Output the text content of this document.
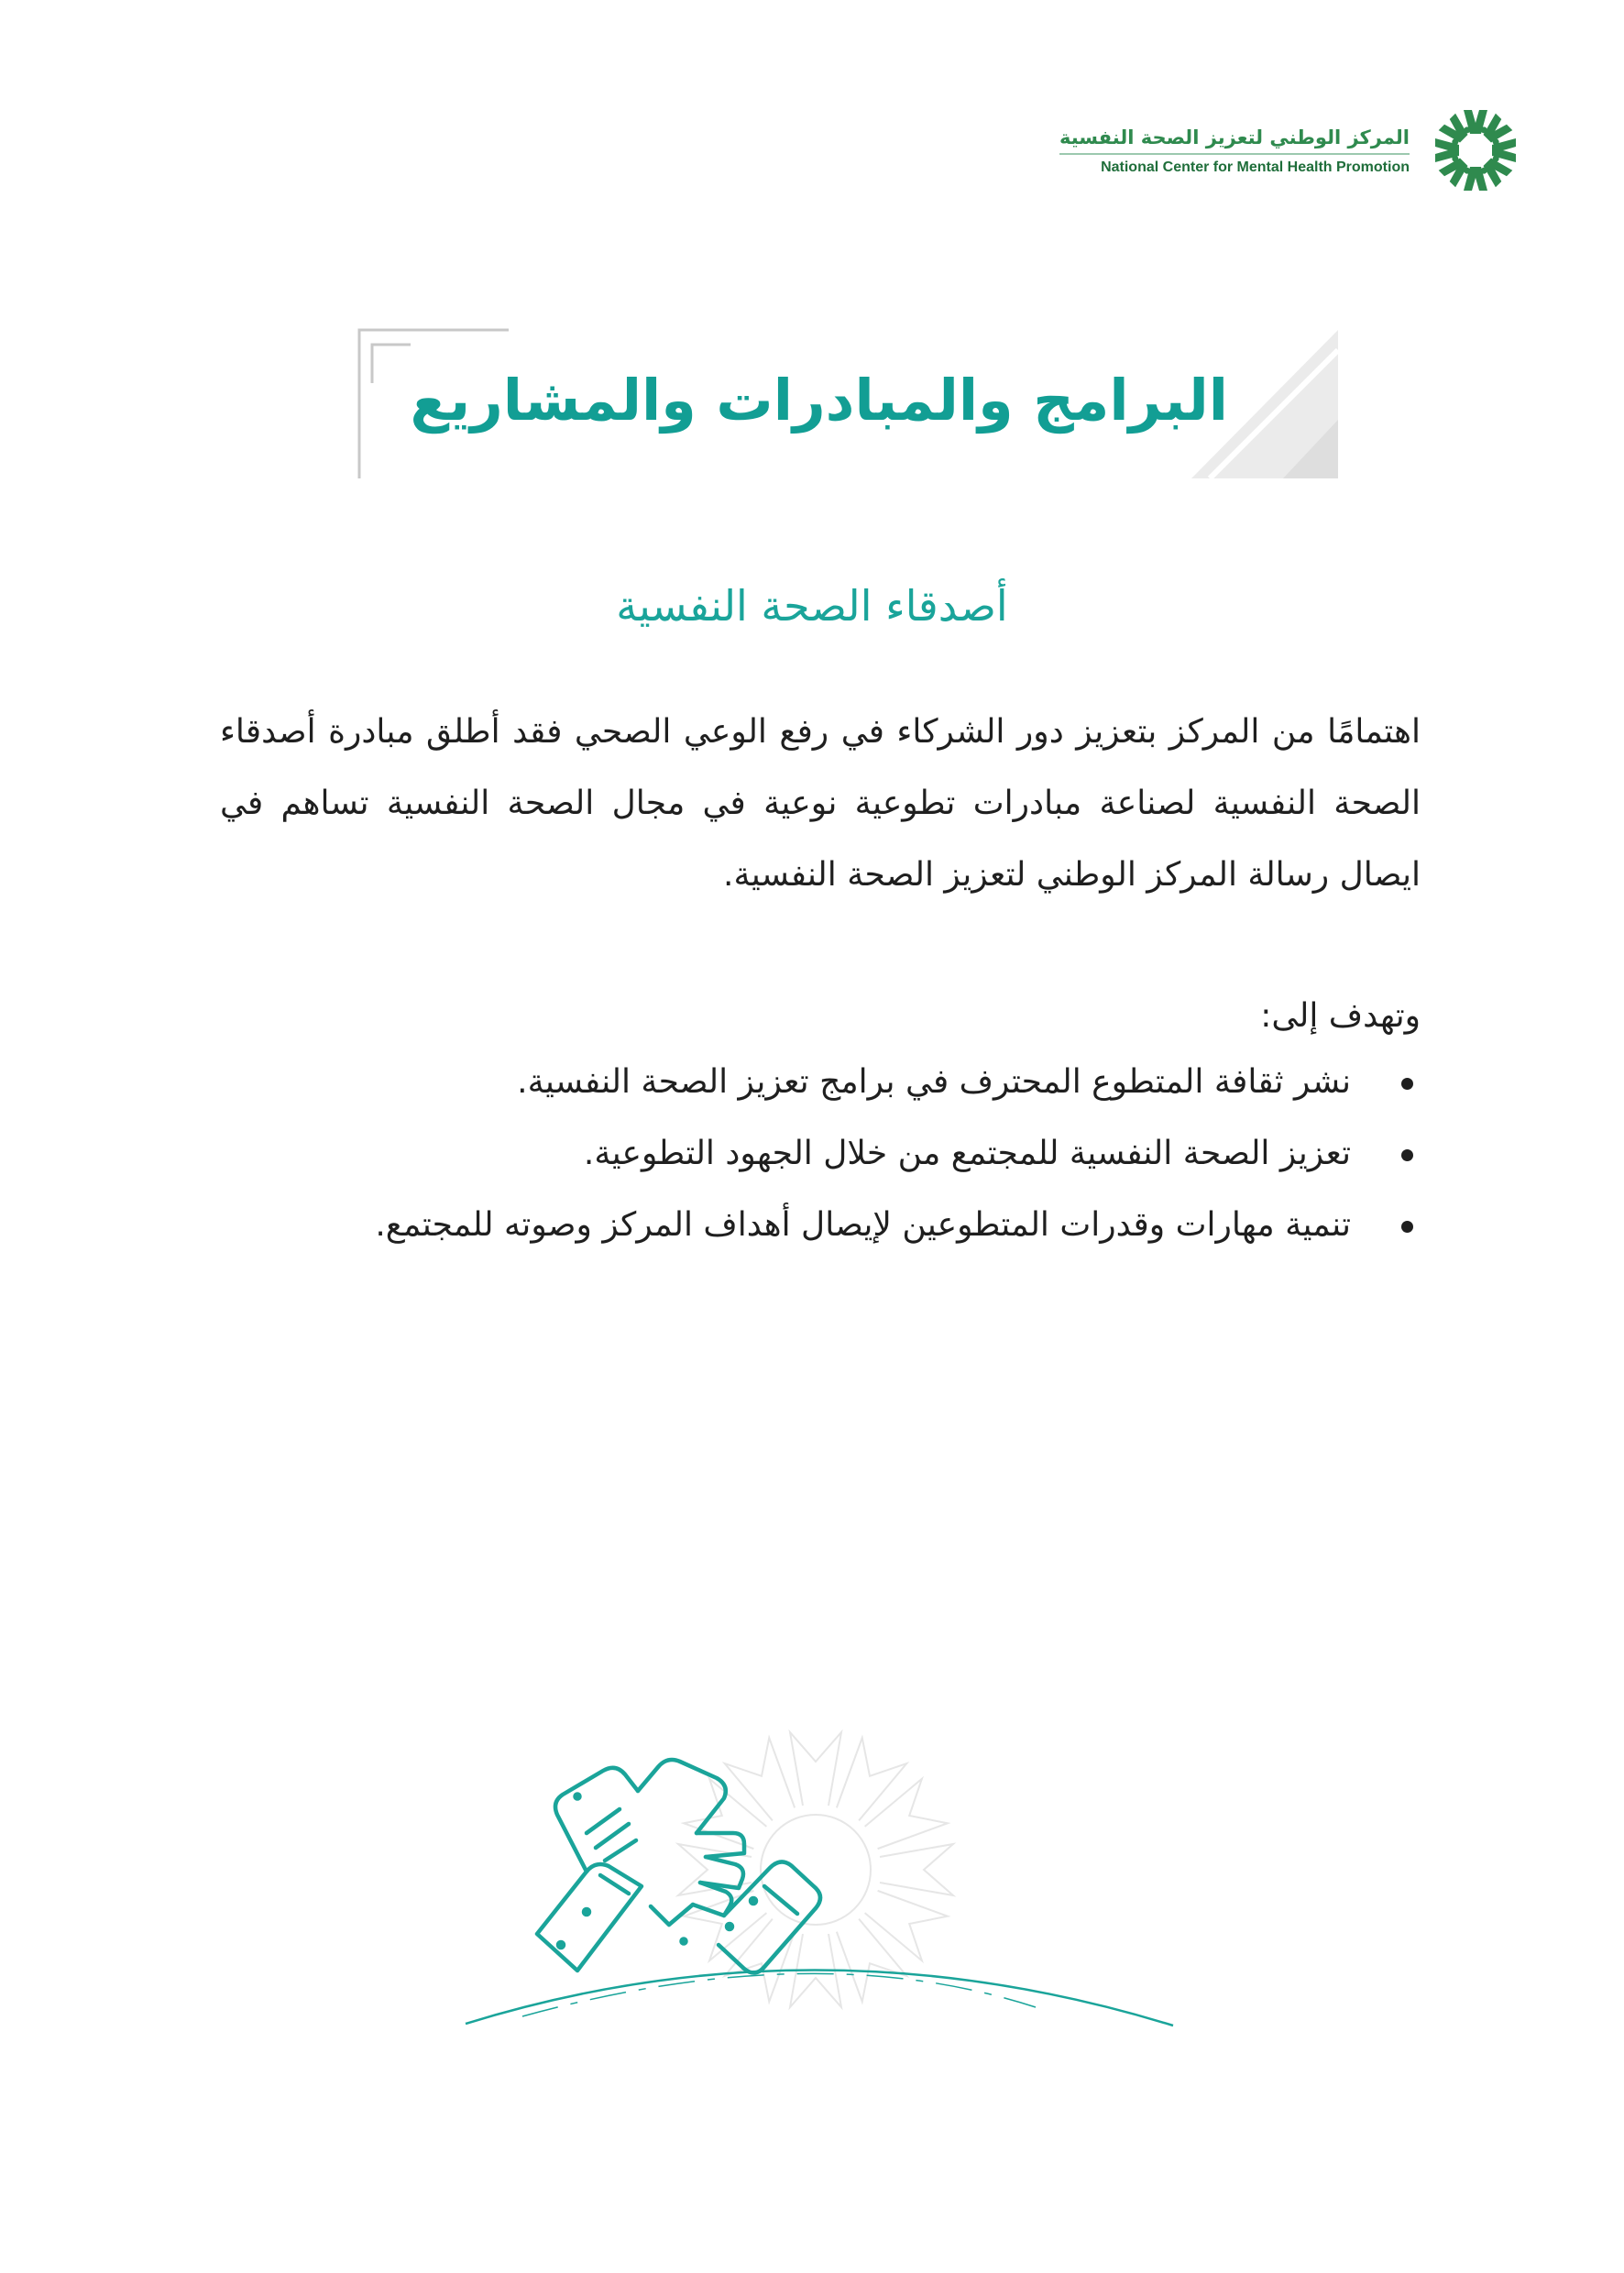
المركز الوطني لتعزيز الصحة النفسية
National Center for Mental Health Promotion
البرامج والمبادرات والمشاريع
أصدقاء الصحة النفسية

اهتمامًا من المركز بتعزيز دور الشركاء في رفع الوعي الصحي فقد أطلق مبادرة أصدقاء الصحة النفسية لصناعة مبادرات تطوعية نوعية في مجال الصحة النفسية تساهم في ايصال رسالة المركز الوطني لتعزيز الصحة النفسية.

وتهدف إلى:
نشر ثقافة المتطوع المحترف في برامج تعزيز الصحة النفسية.
تعزيز الصحة النفسية للمجتمع من خلال الجهود التطوعية.
تنمية مهارات وقدرات المتطوعين لإيصال أهداف المركز وصوته للمجتمع.
